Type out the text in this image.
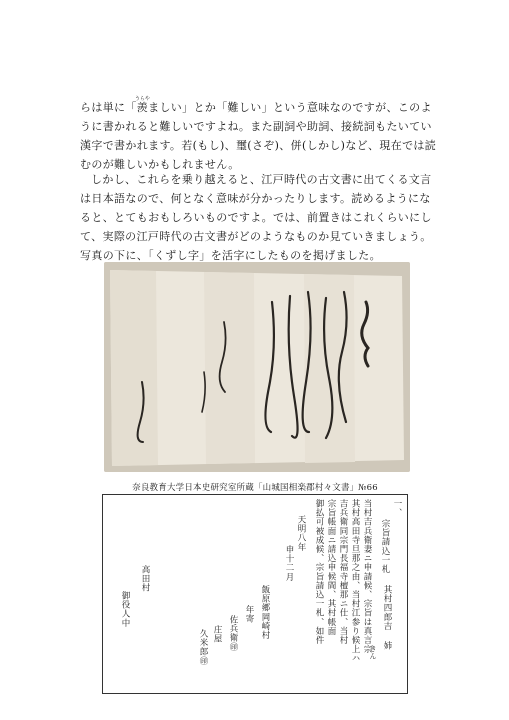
らは単に「羨うらやましい」とか「難しい」という意味なのですが、このように書かれると難しいですよね。また副詞や助詞、接続詞もたいてい漢字で書かれます。若(もし)、璽(さぞ)、併(しかし)など、現在では読むのが難しいかもしれません。

しかし、これらを乗り越えると、江戸時代の古文書に出てくる文言は日本語なので、何となく意味が分かったりします。読めるようになると、とてもおもしろいものですよ。では、前置きはこれくらいにして、実際の江戸時代の古文書がどのようなものか見ていきましょう。写真の下に、「くずし字」を活字にしたものを掲げました。

奈良教育大学日本史研究室所蔵「山城国相楽郡村々文書」№66
一、
宗旨請込一札
当村吉兵衛妻ニ申請候、宗旨は真言宗
其村高田寺旦那之由、当村江参り候上ハ
吉兵衛同宗門長福寺檀那ニ仕、当村
宗旨帳面ニ請込申候間、其村帳面
御払可被成候、宗旨請込一札、如件	其村四郎吉 姉
きん
天明八年
申十二月
飯原郷岡崎村
年寄
佐兵衛㊞
庄屋
久米郎㊞
高田村
御役人中
